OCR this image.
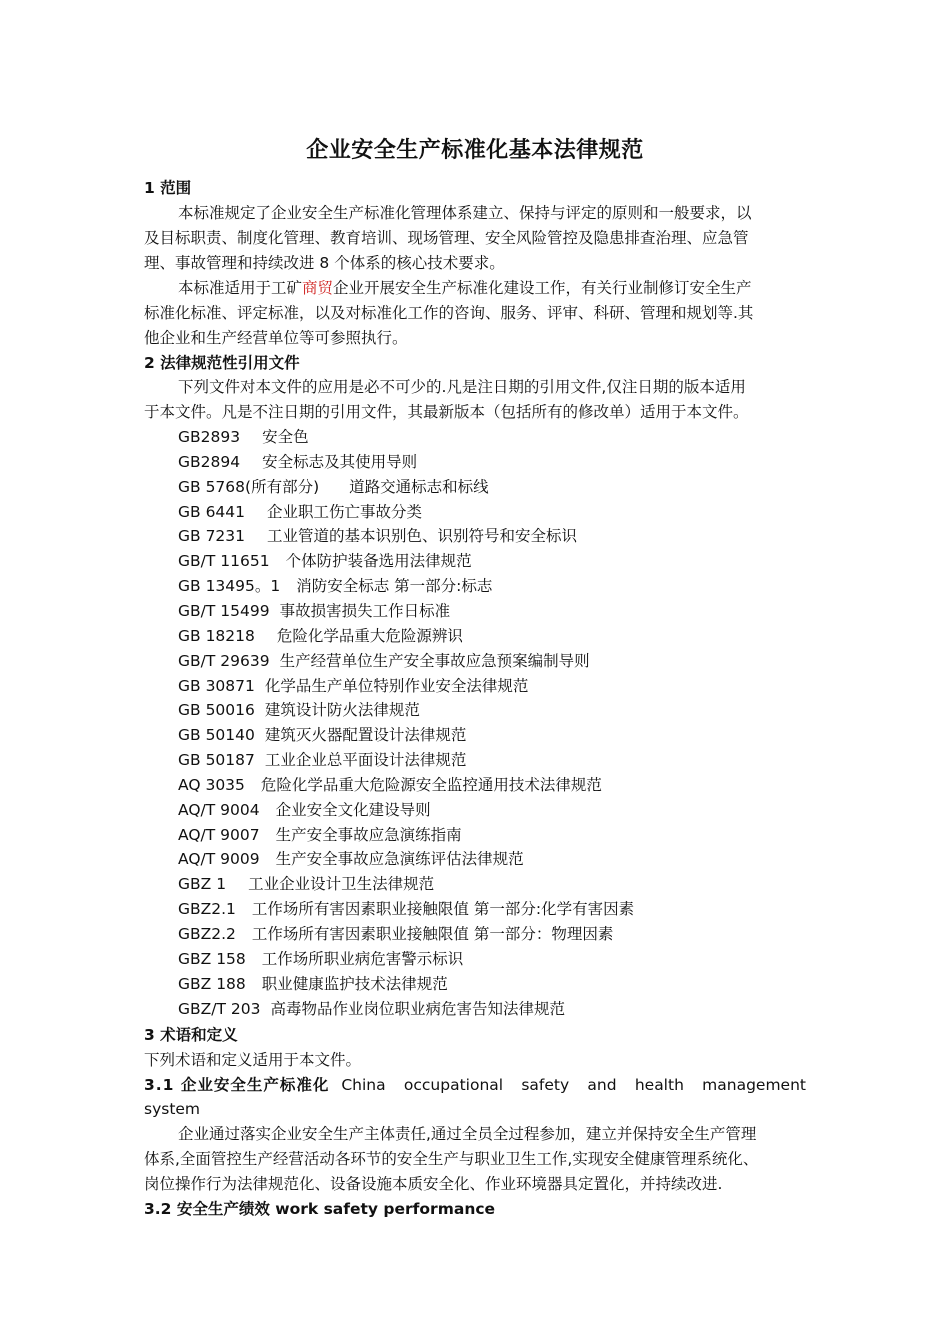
企业安全生产标准化基本法律规范
1 范围
本标准规定了企业安全生产标准化管理体系建立、保持与评定的原则和一般要求，以
及目标职责、制度化管理、教育培训、现场管理、安全风险管控及隐患排查治理、应急管
理、事故管理和持续改进 8 个体系的核心技术要求。
本标准适用于工矿商贸企业开展安全生产标准化建设工作，有关行业制修订安全生产
标准化标准、评定标准，以及对标准化工作的咨询、服务、评审、科研、管理和规划等.其
他企业和生产经营单位等可参照执行。
2 法律规范性引用文件
下列文件对本文件的应用是必不可少的.凡是注日期的引用文件,仅注日期的版本适用
于本文件。凡是不注日期的引用文件，其最新版本（包括所有的修改单）适用于本文件。
GB2893 安全色
GB2894 安全标志及其使用导则
GB 5768(所有部分) 道路交通标志和标线
GB 6441 企业职工伤亡事故分类
GB 7231 工业管道的基本识别色、识别符号和安全标识
GB/T 11651 个体防护装备选用法律规范
GB 13495。1 消防安全标志 第一部分:标志
GB/T 15499 事故损害损失工作日标准
GB 18218 危险化学品重大危险源辨识
GB/T 29639 生产经营单位生产安全事故应急预案编制导则
GB 30871 化学品生产单位特别作业安全法律规范
GB 50016 建筑设计防火法律规范
GB 50140 建筑灭火器配置设计法律规范
GB 50187 工业企业总平面设计法律规范
AQ 3035 危险化学品重大危险源安全监控通用技术法律规范
AQ/T 9004 企业安全文化建设导则
AQ/T 9007 生产安全事故应急演练指南
AQ/T 9009 生产安全事故应急演练评估法律规范
GBZ 1 工业企业设计卫生法律规范
GBZ2.1 工作场所有害因素职业接触限值 第一部分:化学有害因素
GBZ2.2 工作场所有害因素职业接触限值 第一部分：物理因素
GBZ 158 工作场所职业病危害警示标识
GBZ 188 职业健康监护技术法律规范
GBZ/T 203 高毒物品作业岗位职业病危害告知法律规范
3 术语和定义
下列术语和定义适用于本文件。
3.1 企业安全生产标准化 China occupational safety and health management
system
企业通过落实企业安全生产主体责任,通过全员全过程参加，建立并保持安全生产管理
体系,全面管控生产经营活动各环节的安全生产与职业卫生工作,实现安全健康管理系统化、
岗位操作行为法律规范化、设备设施本质安全化、作业环境器具定置化，并持续改进.
3.2 安全生产绩效 work safety performance
